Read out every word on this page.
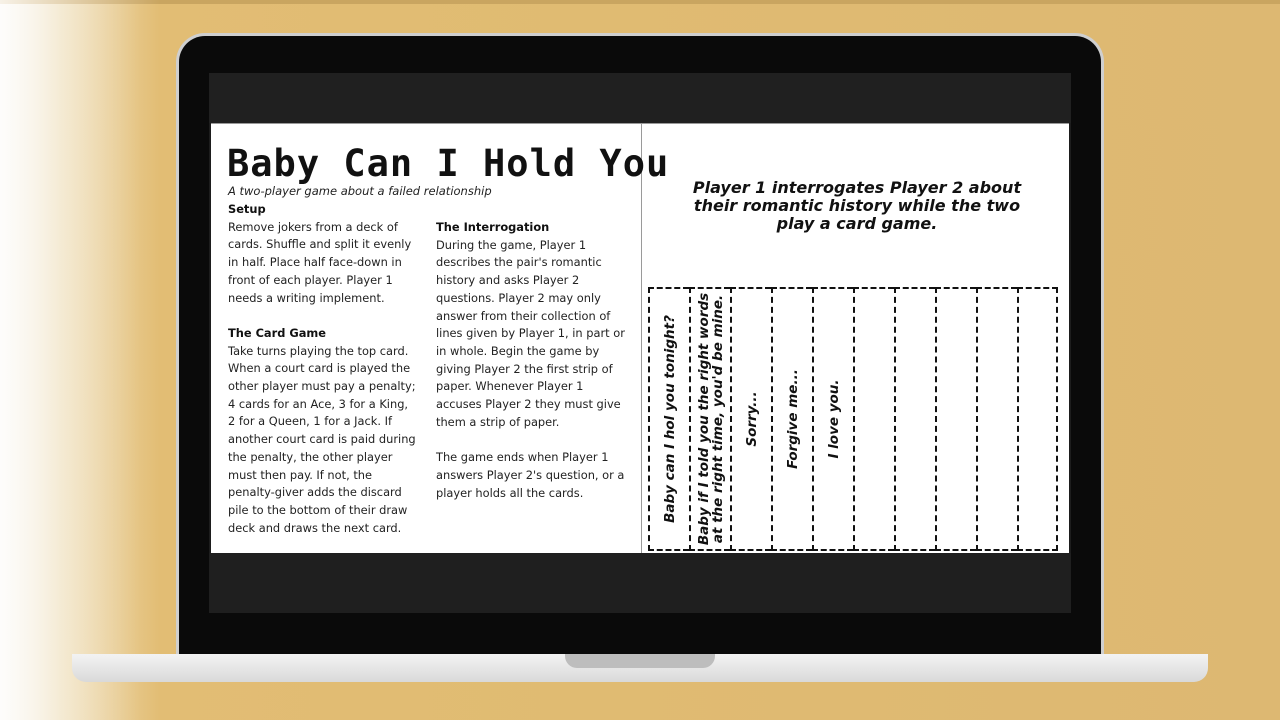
Baby Can I Hold You
A two-player game about a failed relationship
Setup

Remove jokers from a deck of cards. Shuffle and split it evenly in half. Place half face-down in front of each player. Player 1 needs a writing implement.

The Card Game

Take turns playing the top card. When a court card is played the other player must pay a penalty; 4 cards for an Ace, 3 for a King, 2 for a Queen, 1 for a Jack. If another court card is paid during the penalty, the other player must then pay. If not, the penalty-giver adds the discard pile to the bottom of their draw deck and draws the next card.

The Interrogation

During the game, Player 1 describes the pair's romantic history and asks Player 2 questions. Player 2 may only answer from their collection of lines given by Player 1, in part or in whole. Begin the game by giving Player 2 the first strip of paper. Whenever Player 1 accuses Player 2 they must give them a strip of paper.

The game ends when Player 1 answers Player 2's question, or a player holds all the cards.

Player 1 interrogates Player 2 about their romantic history while the two play a card game.
Baby can I hol you tonight? Baby if I told you the right words
at the right time, you'd be mine. Sorry... Forgive me... I love you.
